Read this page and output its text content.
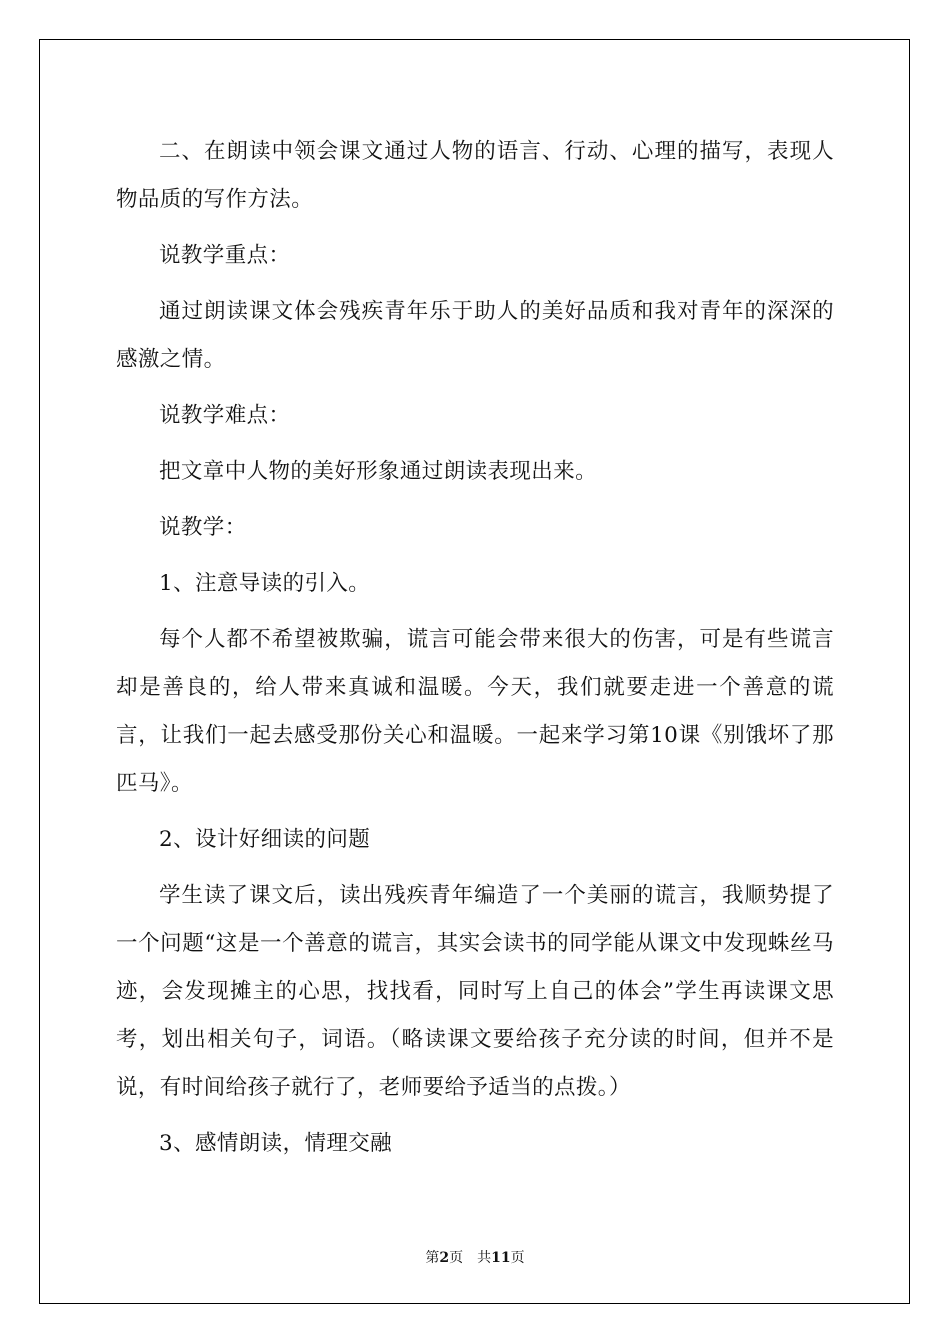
二、在朗读中领会课文通过人物的语言、行动、心理的描写，表现人物品质的写作方法。

说教学重点：

通过朗读课文体会残疾青年乐于助人的美好品质和我对青年的深深的感激之情。

说教学难点：

把文章中人物的美好形象通过朗读表现出来。

说教学：

1、注意导读的引入。

每个人都不希望被欺骗，谎言可能会带来很大的伤害，可是有些谎言却是善良的，给人带来真诚和温暖。今天，我们就要走进一个善意的谎言，让我们一起去感受那份关心和温暖。一起来学习第10课《别饿坏了那匹马》。

2、设计好细读的问题

学生读了课文后，读出残疾青年编造了一个美丽的谎言，我顺势提了一个问题“这是一个善意的谎言，其实会读书的同学能从课文中发现蛛丝马迹，会发现摊主的心思，找找看，同时写上自己的体会”学生再读课文思考，划出相关句子，词语。（略读课文要给孩子充分读的时间，但并不是说，有时间给孩子就行了，老师要给予适当的点拨。）

3、感情朗读，情理交融

第2页 共11页
